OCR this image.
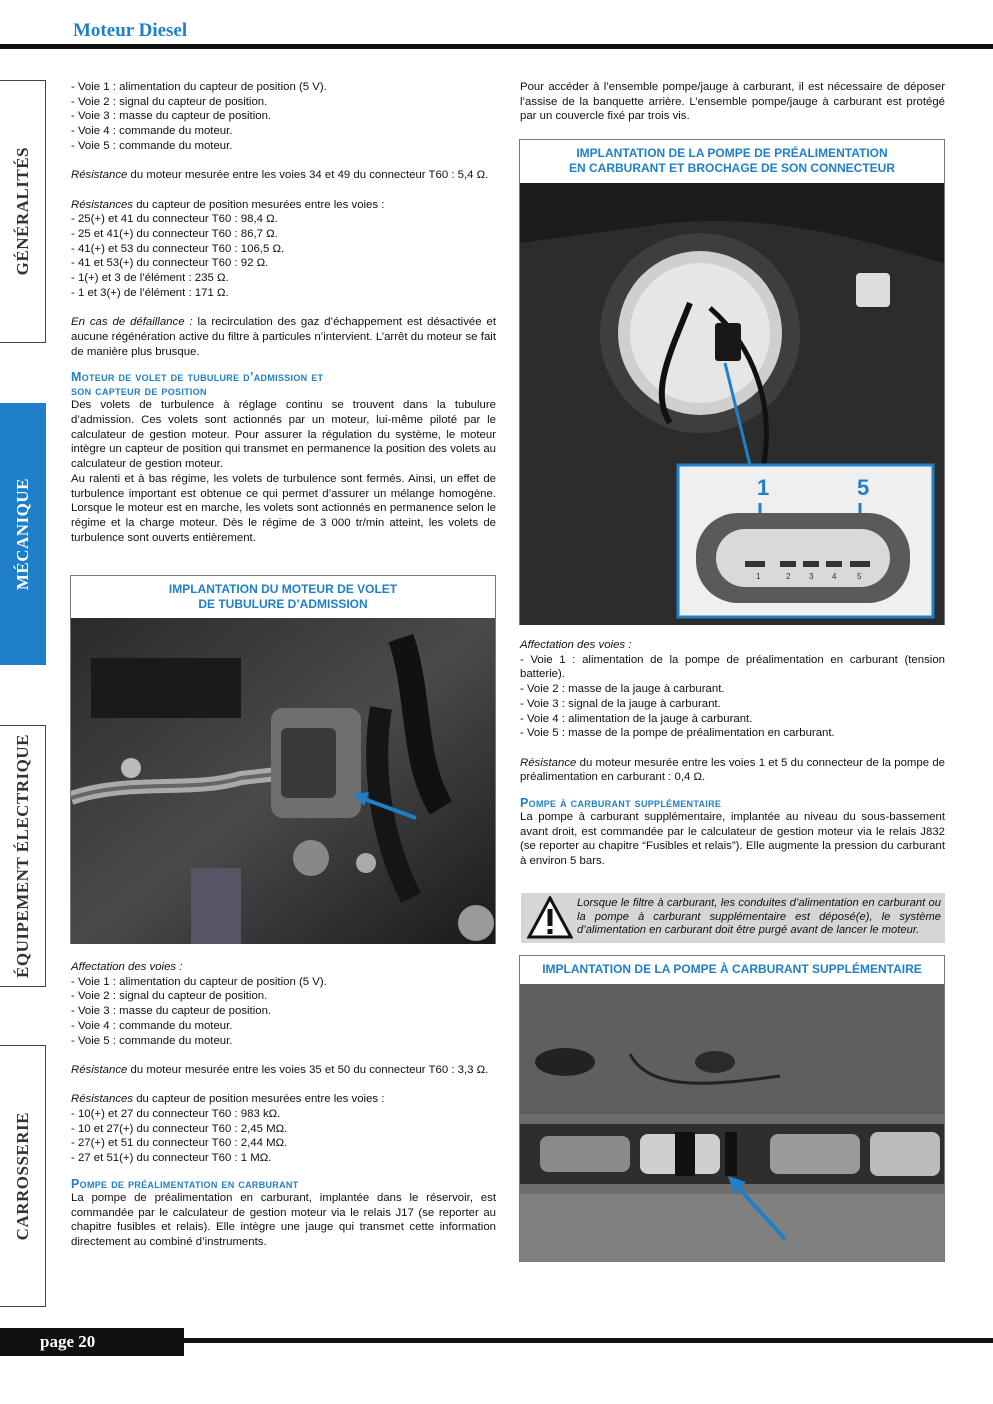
Moteur Diesel
GÉNÉRALITÉS
MÉCANIQUE
ÉQUIPEMENT ÉLECTRIQUE
CARROSSERIE

- Voie 1 : alimentation du capteur de position (5 V).

- Voie 2 : signal du capteur de position.

- Voie 3 : masse du capteur de position.

- Voie 4 : commande du moteur.

- Voie 5 : commande du moteur.

Résistance du moteur mesurée entre les voies 34 et 49 du connecteur T60 : 5,4 Ω.

Résistances du capteur de position mesurées entre les voies :

- 25(+) et 41 du connecteur T60 : 98,4 Ω.

- 25 et 41(+) du connecteur T60 : 86,7 Ω.

- 41(+) et 53 du connecteur T60 : 106,5 Ω.

- 41 et 53(+) du connecteur T60 : 92 Ω.

- 1(+) et 3 de l’élément : 235 Ω.

- 1 et 3(+) de l’élément : 171 Ω.

En cas de défaillance : la recirculation des gaz d’échappement est désactivée et aucune régénération active du filtre à particules n’intervient. L’arrêt du moteur se fait de manière plus brusque.

Moteur de volet de tubulure d’admission et
son capteur de position

Des volets de turbulence à réglage continu se trouvent dans la tubulure d’admission. Ces volets sont actionnés par un moteur, lui-même piloté par le calculateur de gestion moteur. Pour assurer la régulation du système, le moteur intègre un capteur de position qui transmet en permanence la position des volets au calculateur de gestion moteur.

Au ralenti et à bas régime, les volets de turbulence sont fermés. Ainsi, un effet de turbulence important est obtenue ce qui permet d’assurer un mélange homogène. Lorsque le moteur est en marche, les volets sont actionnés en permanence selon le régime et la charge moteur. Dès le régime de 3 000 tr/min atteint, les volets de turbulence sont ouverts entièrement.

IMPLANTATION DU MOTEUR DE VOLET
DE TUBULURE D’ADMISSION

Affectation des voies :

- Voie 1 : alimentation du capteur de position (5 V).

- Voie 2 : signal du capteur de position.

- Voie 3 : masse du capteur de position.

- Voie 4 : commande du moteur.

- Voie 5 : commande du moteur.

Résistance du moteur mesurée entre les voies 35 et 50 du connecteur T60 : 3,3 Ω.

Résistances du capteur de position mesurées entre les voies :

- 10(+) et 27 du connecteur T60 : 983 kΩ.

- 10 et 27(+) du connecteur T60 : 2,45 MΩ.

- 27(+) et 51 du connecteur T60 : 2,44 MΩ.

- 27 et 51(+) du connecteur T60 : 1 MΩ.

Pompe de préalimentation en carburant

La pompe de préalimentation en carburant, implantée dans le réservoir, est commandée par le calculateur de gestion moteur via le relais J17 (se reporter au chapitre fusibles et relais). Elle intègre une jauge qui transmet cette information directement au combiné d’instruments.

Pour accéder à l’ensemble pompe/jauge à carburant, il est nécessaire de déposer l’assise de la banquette arrière. L’ensemble pompe/jauge à carburant est protégé par un couvercle fixé par trois vis.

IMPLANTATION DE LA POMPE DE PRÉALIMENTATION
EN CARBURANT ET BROCHAGE DE SON CONNECTEUR
1	5
1	2 3 4	5

Affectation des voies :

- Voie 1 : alimentation de la pompe de préalimentation en carburant (tension batterie).

- Voie 2 : masse de la jauge à carburant.

- Voie 3 : signal de la jauge à carburant.

- Voie 4 : alimentation de la jauge à carburant.

- Voie 5 : masse de la pompe de préalimentation en carburant.

Résistance du moteur mesurée entre les voies 1 et 5 du connecteur de la pompe de préalimentation en carburant : 0,4 Ω.

Pompe à carburant supplémentaire

La pompe à carburant supplémentaire, implantée au niveau du sous-bassement avant droit, est commandée par le calculateur de gestion moteur via le relais J832 (se reporter au chapitre “Fusibles et relais”). Elle augmente la pression du carburant à environ 5 bars.

Lorsque le filtre à carburant, les conduites d’alimentation en carburant ou la pompe à carburant supplémentaire est déposé(e), le système d’alimentation en carburant doit être purgé avant de lancer le moteur.
IMPLANTATION DE LA POMPE À CARBURANT SUPPLÉMENTAIRE
page 20
